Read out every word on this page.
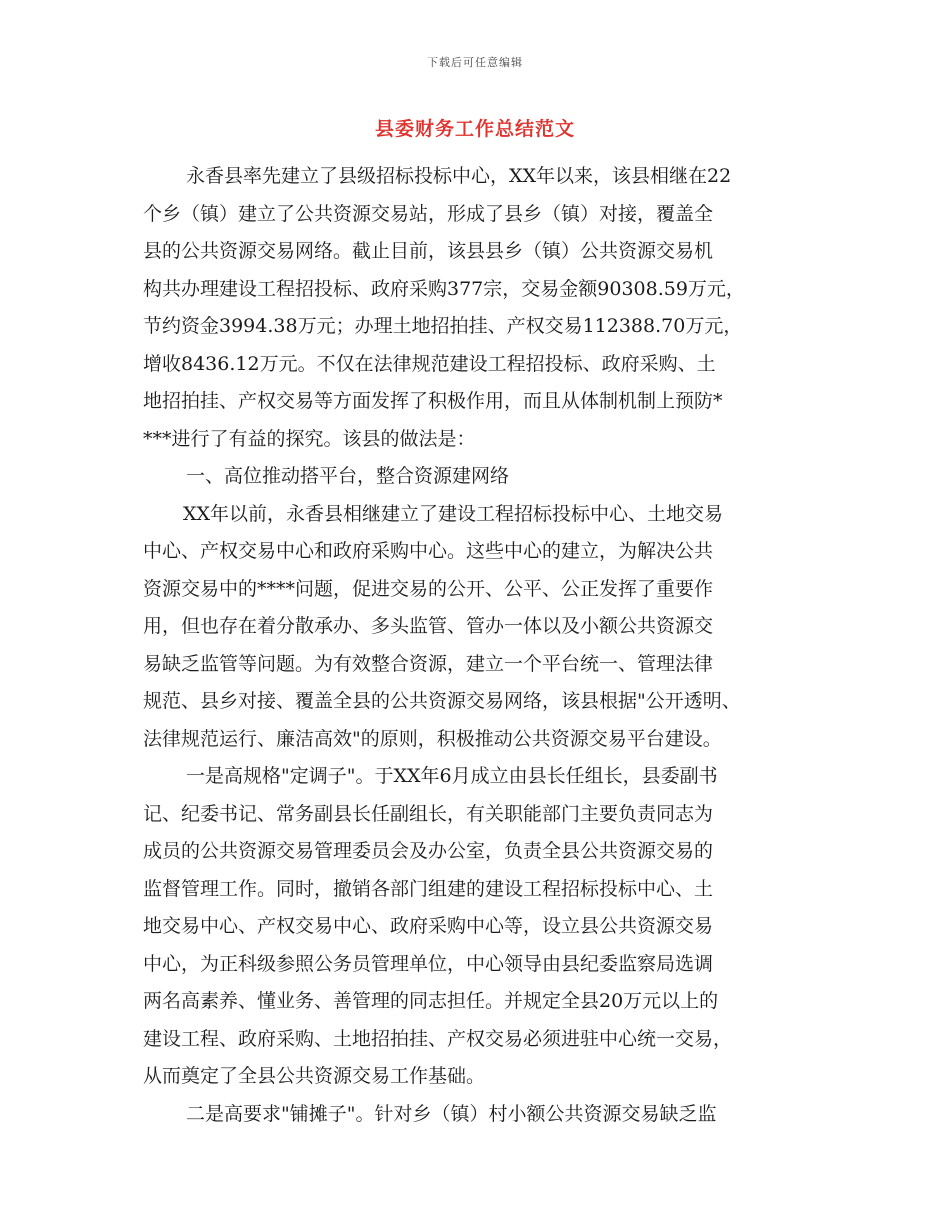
下载后可任意编辑
县委财务工作总结范文
永香县率先建立了县级招标投标中心，XX年以来，该县相继在22
个乡（镇）建立了公共资源交易站，形成了县乡（镇）对接，覆盖全
县的公共资源交易网络。截止目前，该县县乡（镇）公共资源交易机
构共办理建设工程招投标、政府采购377宗，交易金额90308.59万元，
节约资金3994.38万元；办理土地招拍挂、产权交易112388.70万元，
增收8436.12万元。不仅在法律规范建设工程招投标、政府采购、土
地招拍挂、产权交易等方面发挥了积极作用，而且从体制机制上预防*
***进行了有益的探究。该县的做法是：
一、高位推动搭平台，整合资源建网络
XX年以前，永香县相继建立了建设工程招标投标中心、土地交易
中心、产权交易中心和政府采购中心。这些中心的建立，为解决公共
资源交易中的****问题，促进交易的公开、公平、公正发挥了重要作
用，但也存在着分散承办、多头监管、管办一体以及小额公共资源交
易缺乏监管等问题。为有效整合资源，建立一个平台统一、管理法律
规范、县乡对接、覆盖全县的公共资源交易网络，该县根据"公开透明、
法律规范运行、廉洁高效"的原则，积极推动公共资源交易平台建设。
一是高规格"定调子"。于XX年6月成立由县长任组长，县委副书
记、纪委书记、常务副县长任副组长，有关职能部门主要负责同志为
成员的公共资源交易管理委员会及办公室，负责全县公共资源交易的
监督管理工作。同时，撤销各部门组建的建设工程招标投标中心、土
地交易中心、产权交易中心、政府采购中心等，设立县公共资源交易
中心，为正科级参照公务员管理单位，中心领导由县纪委监察局选调
两名高素养、懂业务、善管理的同志担任。并规定全县20万元以上的
建设工程、政府采购、土地招拍挂、产权交易必须进驻中心统一交易，
从而奠定了全县公共资源交易工作基础。
二是高要求"铺摊子"。针对乡（镇）村小额公共资源交易缺乏监
